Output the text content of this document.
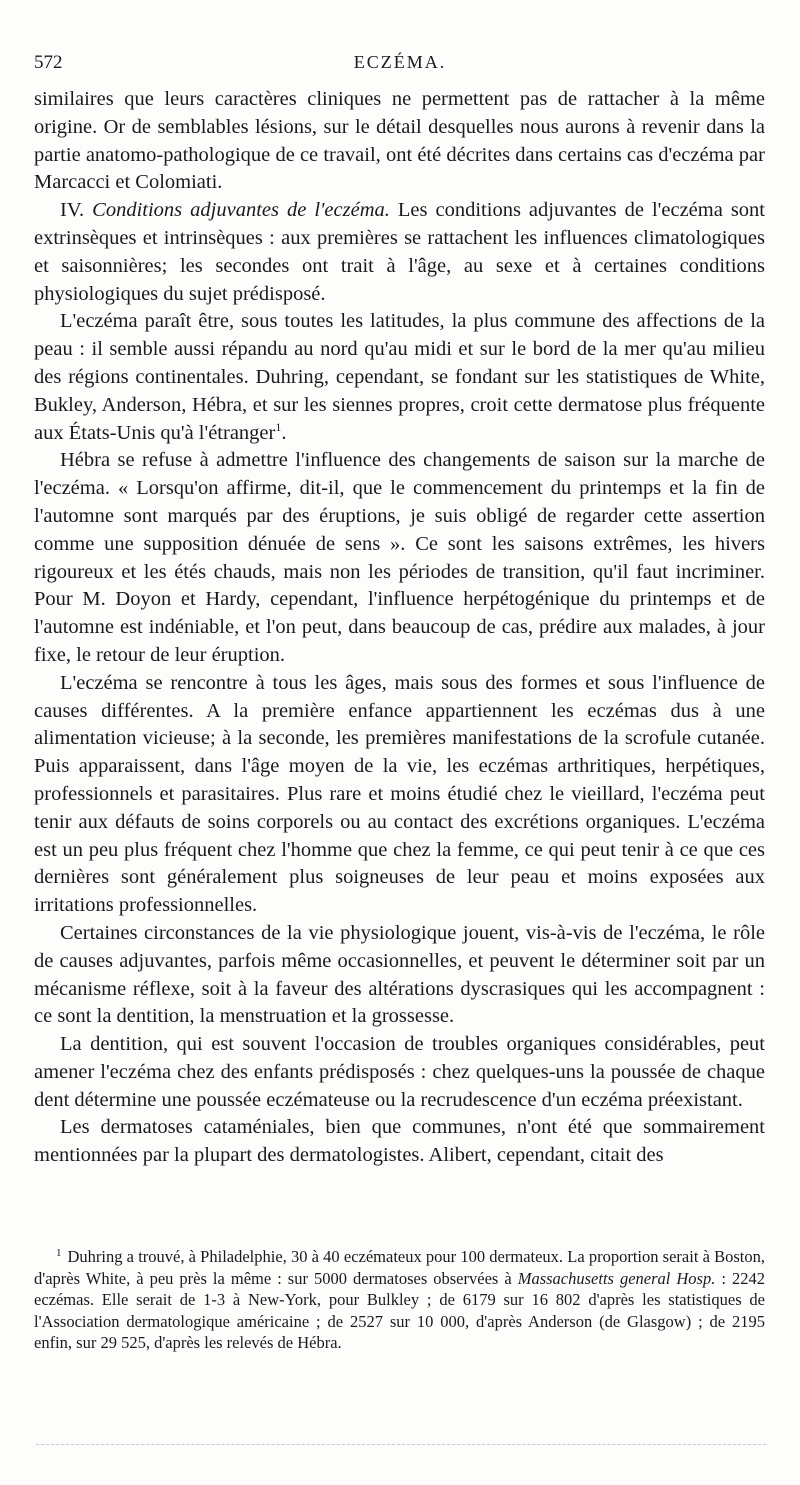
572	ECZÉMA.

similaires que leurs caractères cliniques ne permettent pas de rattacher à la même origine. Or de semblables lésions, sur le détail desquelles nous aurons à revenir dans la partie anatomo-pathologique de ce travail, ont été décrites dans certains cas d'eczéma par Marcacci et Colomiati.

IV. Conditions adjuvantes de l'eczéma. Les conditions adjuvantes de l'eczéma sont extrinsèques et intrinsèques : aux premières se rattachent les influences climatologiques et saisonnières; les secondes ont trait à l'âge, au sexe et à certaines conditions physiologiques du sujet prédisposé.

L'eczéma paraît être, sous toutes les latitudes, la plus commune des affections de la peau : il semble aussi répandu au nord qu'au midi et sur le bord de la mer qu'au milieu des régions continentales. Duhring, cependant, se fondant sur les statistiques de White, Bukley, Anderson, Hébra, et sur les siennes propres, croit cette dermatose plus fréquente aux États-Unis qu'à l'étranger$^1$.

Hébra se refuse à admettre l'influence des changements de saison sur la marche de l'eczéma. « Lorsqu'on affirme, dit-il, que le commencement du printemps et la fin de l'automne sont marqués par des éruptions, je suis obligé de regarder cette assertion comme une supposition dénuée de sens ». Ce sont les saisons extrêmes, les hivers rigoureux et les étés chauds, mais non les périodes de transition, qu'il faut incriminer. Pour M. Doyon et Hardy, cependant, l'influence herpétogénique du printemps et de l'automne est indéniable, et l'on peut, dans beaucoup de cas, prédire aux malades, à jour fixe, le retour de leur éruption.

L'eczéma se rencontre à tous les âges, mais sous des formes et sous l'influence de causes différentes. A la première enfance appartiennent les eczémas dus à une alimentation vicieuse; à la seconde, les premières manifestations de la scrofule cutanée. Puis apparaissent, dans l'âge moyen de la vie, les eczémas arthritiques, herpétiques, professionnels et parasitaires. Plus rare et moins étudié chez le vieillard, l'eczéma peut tenir aux défauts de soins corporels ou au contact des excrétions organiques. L'eczéma est un peu plus fréquent chez l'homme que chez la femme, ce qui peut tenir à ce que ces dernières sont généralement plus soigneuses de leur peau et moins exposées aux irritations professionnelles.

Certaines circonstances de la vie physiologique jouent, vis-à-vis de l'eczéma, le rôle de causes adjuvantes, parfois même occasionnelles, et peuvent le déterminer soit par un mécanisme réflexe, soit à la faveur des altérations dyscrasiques qui les accompagnent : ce sont la dentition, la menstruation et la grossesse.

La dentition, qui est souvent l'occasion de troubles organiques considérables, peut amener l'eczéma chez des enfants prédisposés : chez quelques-uns la poussée de chaque dent détermine une poussée eczémateuse ou la recrudescence d'un eczéma préexistant.

Les dermatoses cataméniales, bien que communes, n'ont été que sommairement mentionnées par la plupart des dermatologistes. Alibert, cependant, citait des

$^1$ Duhring a trouvé, à Philadelphie, 30 à 40 eczémateux pour 100 dermateux. La proportion serait à Boston, d'après White, à peu près la même : sur 5000 dermatoses observées à Massachusetts general Hosp. : 2242 eczémas. Elle serait de 1-3 à New-York, pour Bulkley ; de 6179 sur 16 802 d'après les statistiques de l'Association dermatologique américaine ; de 2527 sur 10 000, d'après Anderson (de Glasgow) ; de 2195 enfin, sur 29 525, d'après les relevés de Hébra.
